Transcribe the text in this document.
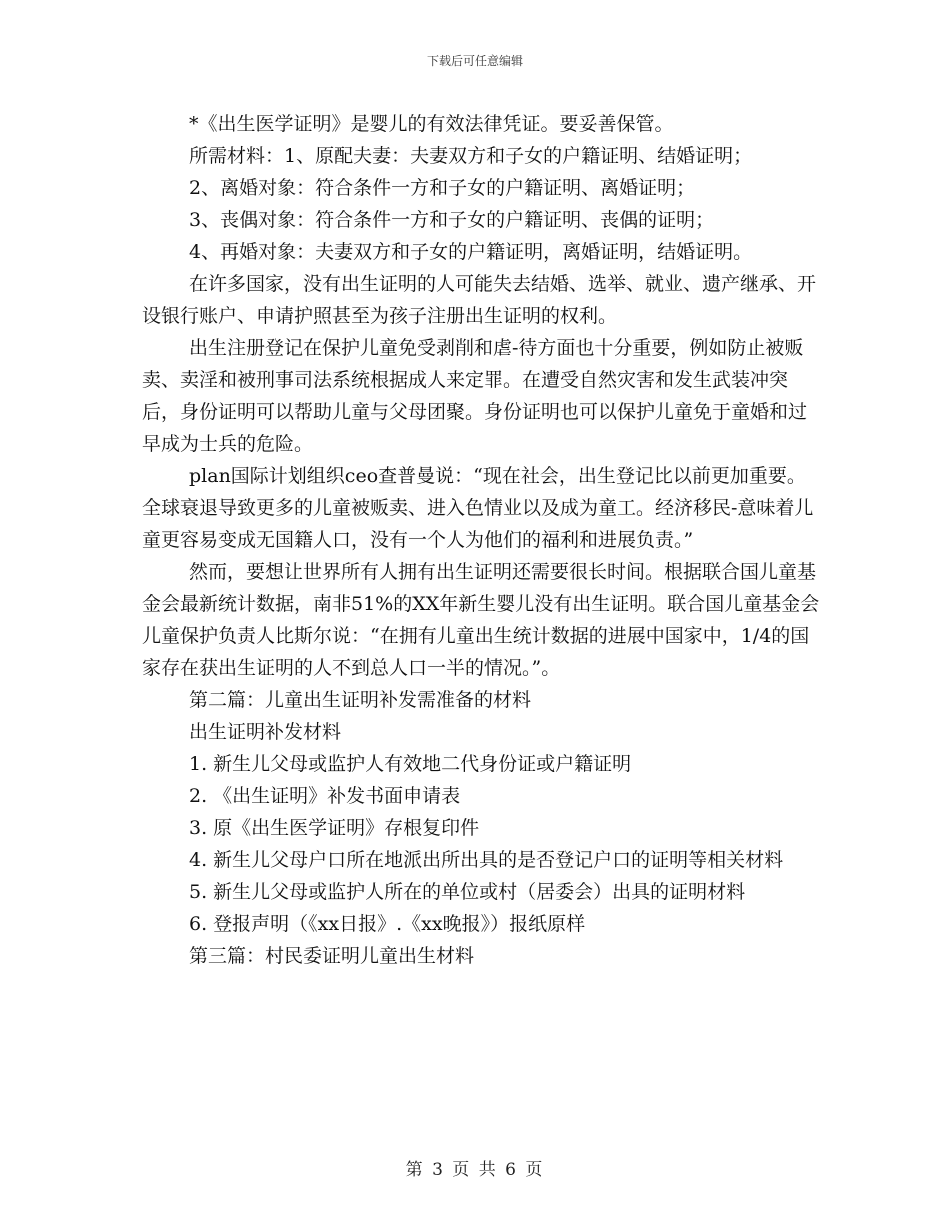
下载后可任意编辑

*《出生医学证明》是婴儿的有效法律凭证。要妥善保管。

所需材料：1、原配夫妻：夫妻双方和子女的户籍证明、结婚证明；

2、离婚对象：符合条件一方和子女的户籍证明、离婚证明；

3、丧偶对象：符合条件一方和子女的户籍证明、丧偶的证明；

4、再婚对象：夫妻双方和子女的户籍证明，离婚证明，结婚证明。

在许多国家，没有出生证明的人可能失去结婚、选举、就业、遗产继承、开设银行账户、申请护照甚至为孩子注册出生证明的权利。

出生注册登记在保护儿童免受剥削和虐-待方面也十分重要，例如防止被贩卖、卖淫和被刑事司法系统根据成人来定罪。在遭受自然灾害和发生武装冲突后，身份证明可以帮助儿童与父母团聚。身份证明也可以保护儿童免于童婚和过早成为士兵的危险。

plan国际计划组织ceo查普曼说：“现在社会，出生登记比以前更加重要。全球衰退导致更多的儿童被贩卖、进入色情业以及成为童工。经济移民-意味着儿童更容易变成无国籍人口，没有一个人为他们的福利和进展负责。”

然而，要想让世界所有人拥有出生证明还需要很长时间。根据联合国儿童基金会最新统计数据，南非51%的XX年新生婴儿没有出生证明。联合国儿童基金会儿童保护负责人比斯尔说：“在拥有儿童出生统计数据的进展中国家中，1/4的国家存在获出生证明的人不到总人口一半的情况。”。

第二篇：儿童出生证明补发需准备的材料

出生证明补发材料

1. 新生儿父母或监护人有效地二代身份证或户籍证明

2. 《出生证明》补发书面申请表

3. 原《出生医学证明》存根复印件

4. 新生儿父母户口所在地派出所出具的是否登记户口的证明等相关材料

5. 新生儿父母或监护人所在的单位或村（居委会）出具的证明材料

6. 登报声明（《xx日报》.《xx晚报》）报纸原样

第三篇：村民委证明儿童出生材料

第 3 页 共 6 页
